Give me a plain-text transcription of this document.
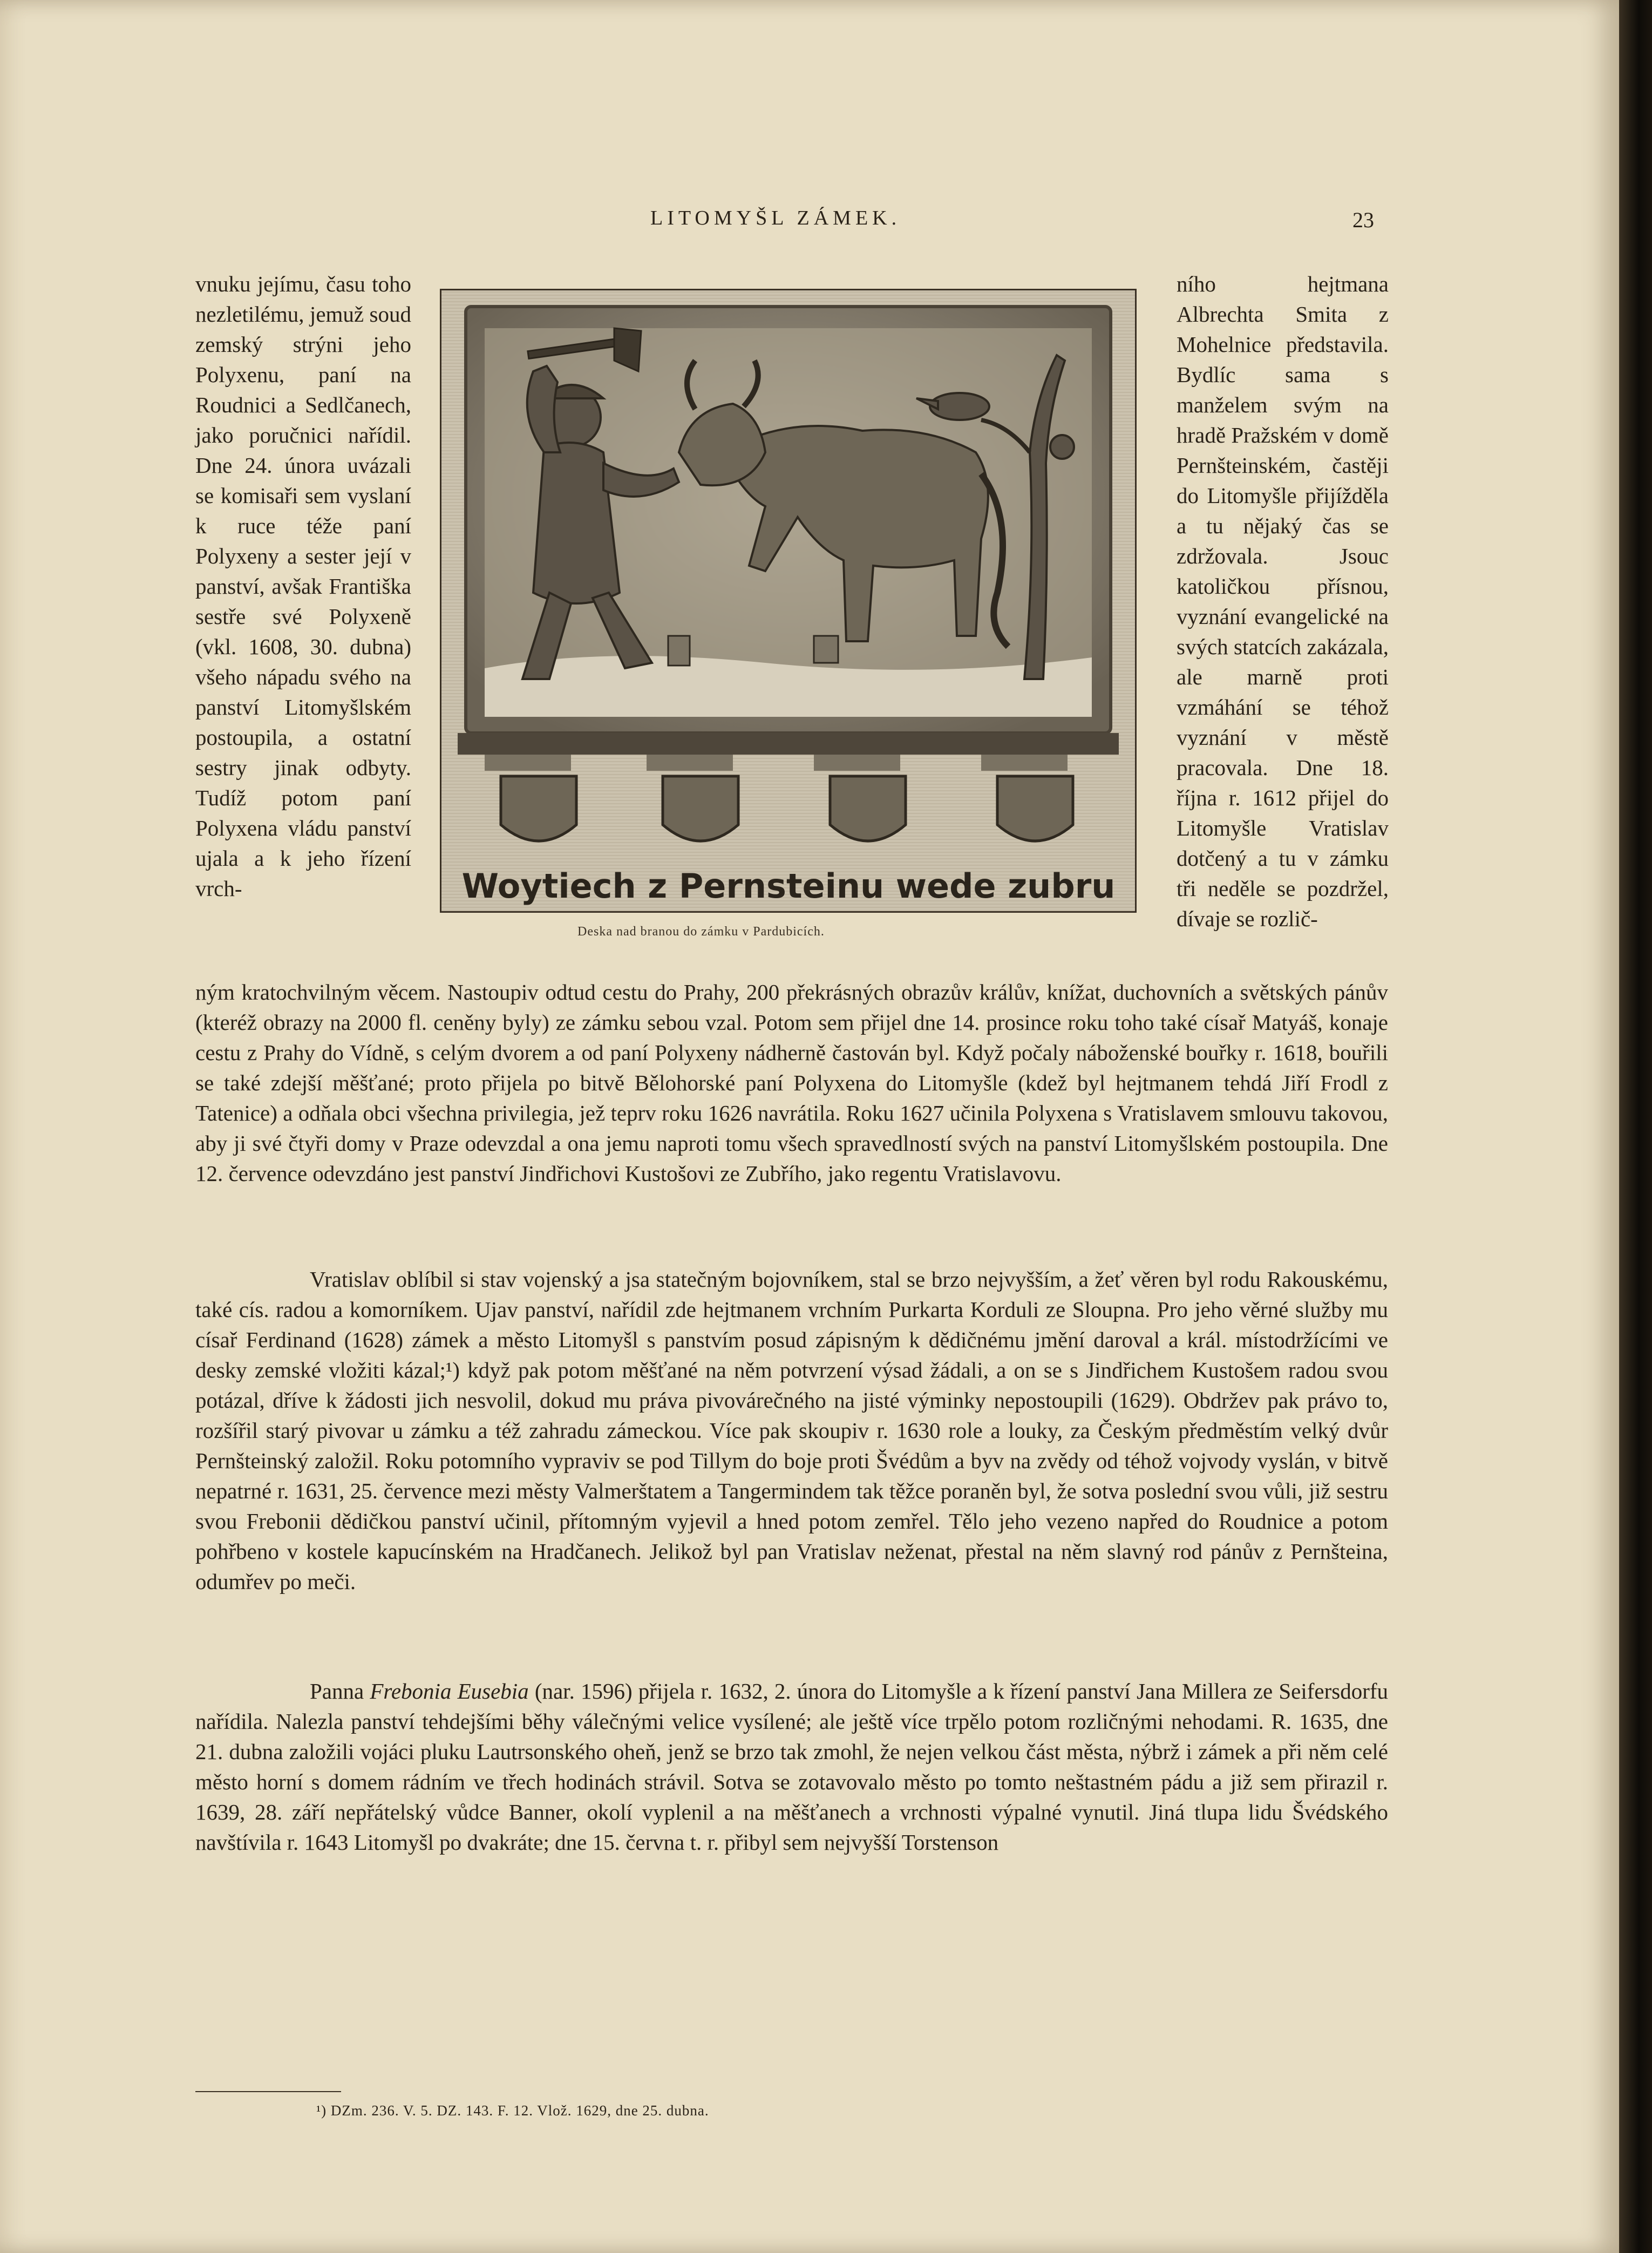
LITOMYŠL ZÁMEK.	23
vnuku jejímu, času toho nezletilému, jemuž soud zemský strýni jeho Polyxenu, paní na Roudnici a Sedlčanech, jako poručnici nařídil. Dne 24. února uvázali se komisaři sem vyslaní k ruce téže paní Polyxeny a sester její v panství, avšak Františka sestře své Polyxeně (vkl. 1608, 30. dubna) všeho nápadu svého na panství Litomyšlském postoupila, a ostatní sestry jinak odbyty. Tudíž potom paní Polyxena vládu panství ujala a k jeho řízení vrch-
ního hejtmana Albrechta Smita z Mohelnice představila. Bydlíc sama s manželem svým na hradě Pražském v domě Pernšteinském, častěji do Litomyšle přijížděla a tu nějaký čas se zdržovala. Jsouc katoličkou přísnou, vyznání evangelické na svých statcích zakázala, ale marně proti vzmáhání se téhož vyznání v městě pracovala. Dne 18. října r. 1612 přijel do Litomyšle Vratislav dotčený a tu v zámku tři neděle se pozdržel, dívaje se rozlič-
Woytiech z Pernsteinu wede zubru
Deska nad branou do zámku v Pardubicích.
ným kratochvilným věcem. Nastoupiv odtud cestu do Prahy, 200 překrásných obrazův králův, knížat, duchovních a světských pánův (kteréž obrazy na 2000 fl. ceněny byly) ze zámku sebou vzal. Potom sem přijel dne 14. prosince roku toho také císař Matyáš, konaje cestu z Prahy do Vídně, s celým dvorem a od paní Polyxeny nádherně častován byl. Když počaly náboženské bouřky r. 1618, bouřili se také zdejší měšťané; proto přijela po bitvě Bělohorské paní Polyxena do Litomyšle (kdež byl hejtmanem tehdá Jiří Frodl z Tatenice) a odňala obci všechna privilegia, jež teprv roku 1626 navrátila. Roku 1627 učinila Polyxena s Vratislavem smlouvu takovou, aby ji své čtyři domy v Praze odevzdal a ona jemu naproti tomu všech spravedlností svých na panství Litomyšlském postoupila. Dne 12. července odevzdáno jest panství Jindřichovi Kustošovi ze Zubřího, jako regentu Vratislavovu.
Vratislav oblíbil si stav vojenský a jsa statečným bojovníkem, stal se brzo nejvyšším, a žeť věren byl rodu Rakouskému, také cís. radou a komorníkem. Ujav panství, nařídil zde hejtmanem vrchním Purkarta Korduli ze Sloupna. Pro jeho věrné služby mu císař Ferdinand (1628) zámek a město Litomyšl s panstvím posud zápisným k dědičnému jmění daroval a král. místodržícími ve desky zemské vložiti kázal;¹) když pak potom měšťané na něm potvrzení výsad žádali, a on se s Jindřichem Kustošem radou svou potázal, dříve k žádosti jich nesvolil, dokud mu práva pivovárečného na jisté výminky nepostoupili (1629). Obdržev pak právo to, rozšířil starý pivovar u zámku a též zahradu zámeckou. Více pak skoupiv r. 1630 role a louky, za Českým předměstím velký dvůr Pernšteinský založil. Roku potomního vypraviv se pod Tillym do boje proti Švédům a byv na zvědy od téhož vojvody vyslán, v bitvě nepatrné r. 1631, 25. července mezi městy Valmerštatem a Tangermindem tak těžce poraněn byl, že sotva poslední svou vůli, již sestru svou Frebonii dědičkou panství učinil, přítomným vyjevil a hned potom zemřel. Tělo jeho vezeno napřed do Roudnice a potom pohřbeno v kostele kapucínském na Hradčanech. Jelikož byl pan Vratislav neženat, přestal na něm slavný rod pánův z Pernšteina, odumřev po meči.
Panna Frebonia Eusebia (nar. 1596) přijela r. 1632, 2. února do Litomyšle a k řízení panství Jana Millera ze Seifersdorfu nařídila. Nalezla panství tehdejšími běhy válečnými velice vysílené; ale ještě více trpělo potom rozličnými nehodami. R. 1635, dne 21. dubna založili vojáci pluku Lautrsonského oheň, jenž se brzo tak zmohl, že nejen velkou část města, nýbrž i zámek a při něm celé město horní s domem rádním ve třech hodinách strávil. Sotva se zotavovalo město po tomto neštastném pádu a již sem přirazil r. 1639, 28. září nepřátelský vůdce Banner, okolí vyplenil a na měšťanech a vrchnosti výpalné vynutil. Jiná tlupa lidu Švédského navštívila r. 1643 Litomyšl po dvakráte; dne 15. června t. r. přibyl sem nejvyšší Torstenson
¹) DZm. 236. V. 5. DZ. 143. F. 12. Vlož. 1629, dne 25. dubna.
